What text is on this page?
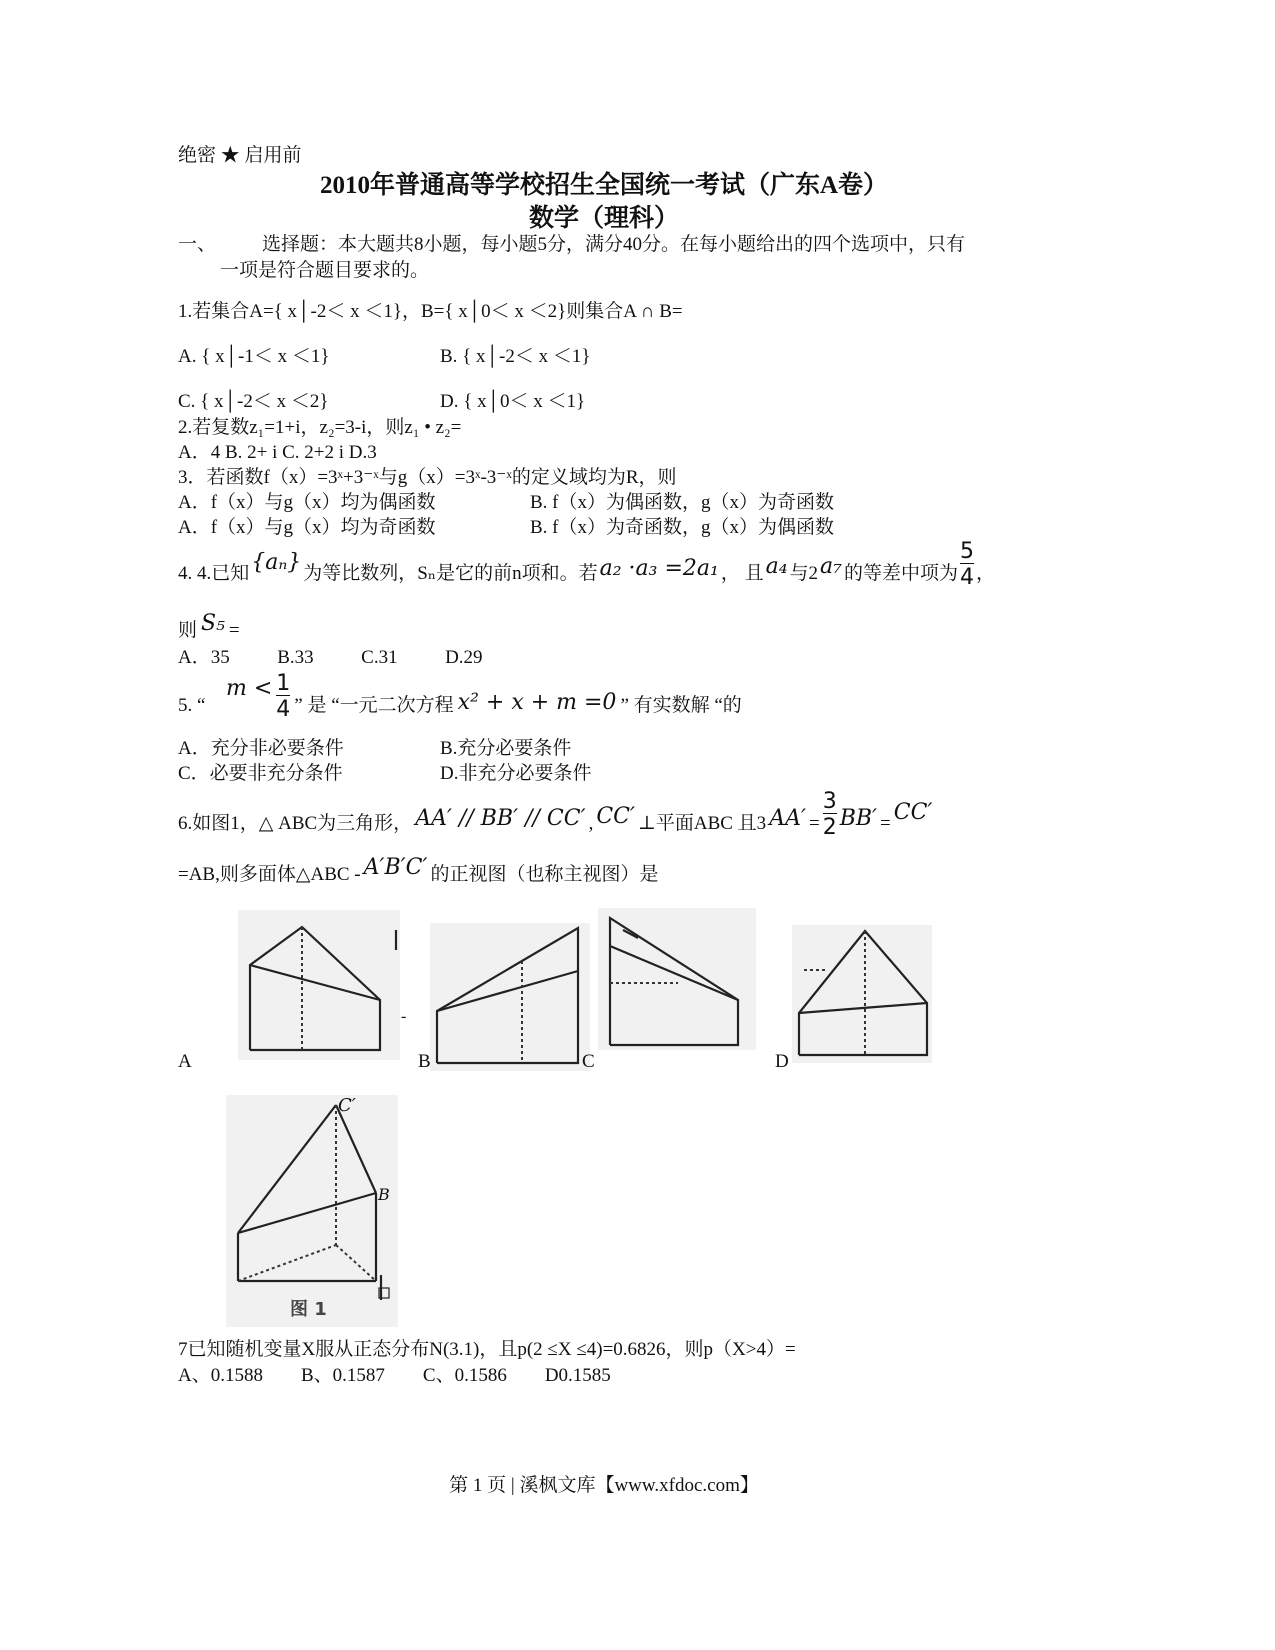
绝密 ★ 启用前
2010年普通高等学校招生全国统一考试（广东A卷）
数学（理科）
一、 选择题：本大题共8小题，每小题5分，满分40分。在每小题给出的四个选项中，只有
一项是符合题目要求的。
1.若集合A={ x│-2＜ x ＜1}，B={ x│0＜ x ＜2}则集合A ∩ B=
A. { x│-1＜ x ＜1}	B. { x│-2＜ x ＜1}
C. { x│-2＜ x ＜2}	D. { x│0＜ x ＜1}
2.若复数z₁=1+i，z₂=3-i，则z₁ • z₂=
A．4 B. 2+ i C. 2+2 i D.3
3．若函数f（x）=3ˣ+3⁻ˣ与g（x）=3ˣ-3⁻ˣ的定义域均为R，则
A．f（x）与g（x）均为偶函数	B. f（x）为偶函数，g（x）为奇函数
A．f（x）与g（x）均为奇函数	B. f（x）为奇函数，g（x）为偶函数
4. 4.已知 {aₙ} 为等比数列，Sₙ是它的前n项和。若 a₂ ·a₃ =2a₁ ， 且 a₄ 与2 a₇ 的等差中项为 $\frac{5}{4}$ ，
则 S₅ =
A．35          B.33          C.31          D.29
5. “
$m < \frac{1}{4}$ ” 是 “一元二次方程 x² + x + m =0 ” 有实数解 “的
A．充分非必要条件	B.充分必要条件
C．必要非充分条件	D.非充分必要条件
6.如图1，△ ABC为三角形， AA′ // BB′ // CC′ , CC′ ⊥平面ABC 且3 $AA' = \frac{3}{2} BB' = CC'$
=AB,则多面体△ABC - A′B′C′ 的正视图（也称主视图）是
A
-
B	C	D
C′
B
图 1
7已知随机变量X服从正态分布N(3.1)，且p(2 ≤X ≤4)=0.6826，则p（X>4）=
A、0.1588        B、0.1587        C、0.1586        D0.1585
第 1 页 | 溪枫文库【www.xfdoc.com】
